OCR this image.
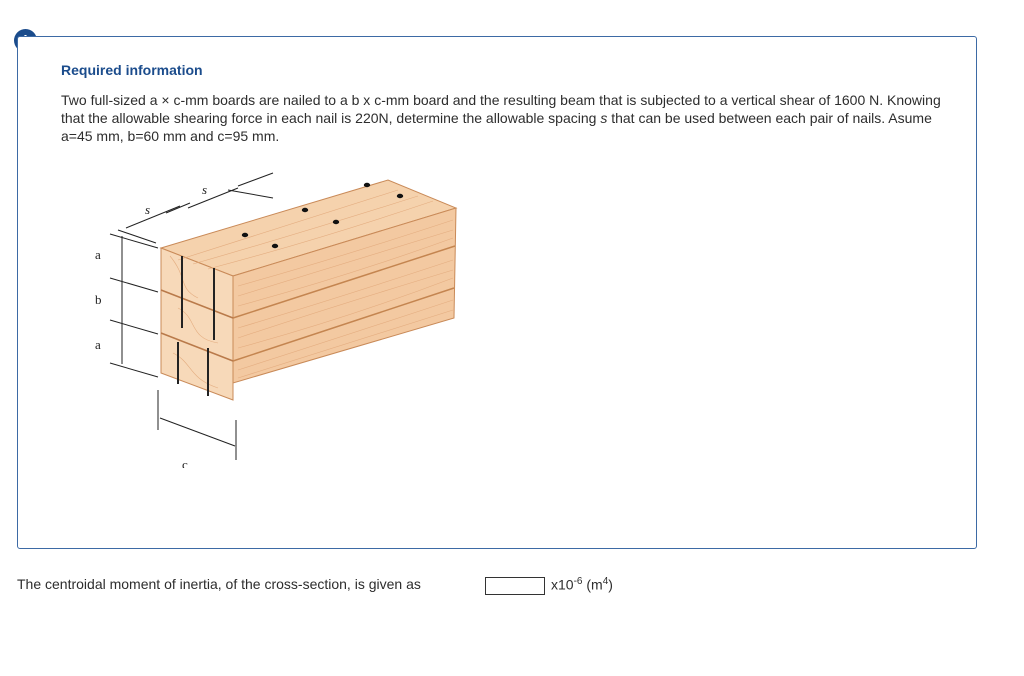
Required information
Two full-sized a × c-mm boards are nailed to a b x c-mm board and the resulting beam that is subjected to a vertical shear of 1600 N. Knowing that the allowable shearing force in each nail is 220N, determine the allowable spacing s that can be used between each pair of nails. Asume a=45 mm, b=60 mm and c=95 mm.
s
s
a
b
a
c
The centroidal moment of inertia, of the cross-section, is given as	$x10^{-6}$ $(m^4)$
